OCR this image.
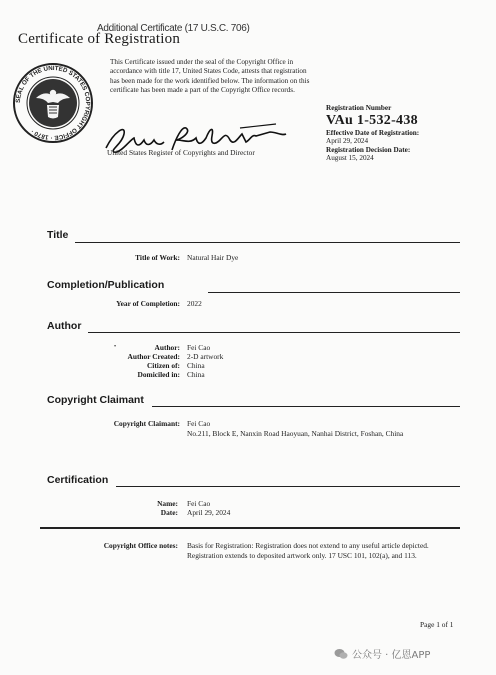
Additional Certificate (17 U.S.C. 706)
Certificate of Registration
SEAL OF THE UNITED STATES COPYRIGHT OFFICE · 1870 ·
This Certificate issued under the seal of the Copyright Office in accordance with title 17, United States Code, attests that registration has been made for the work identified below. The information on this certificate has been made a part of the Copyright Office records.
United States Register of Copyrights and Director
Registration Number
VAu 1-532-438
Effective Date of Registration:
April 29, 2024
Registration Decision Date:
August 15, 2024
Title
Title of Work: Natural Hair Dye
Completion/Publication
Year of Completion: 2022
Author
•	Author: Fei Cao
Author Created: 2-D artwork
Citizen of: China
Domiciled in: China
Copyright Claimant
Copyright Claimant: Fei Cao
No.211, Block E, Nanxin Road Haoyuan, Nanhai District, Foshan, China
Certification
Name: Fei Cao
Date: April 29, 2024
Copyright Office notes: Basis for Registration: Registration does not extend to any useful article depicted. Registration extends to deposited artwork only. 17 USC 101, 102(a), and 113.
Page 1 of 1
公众号 · 亿恩APP
